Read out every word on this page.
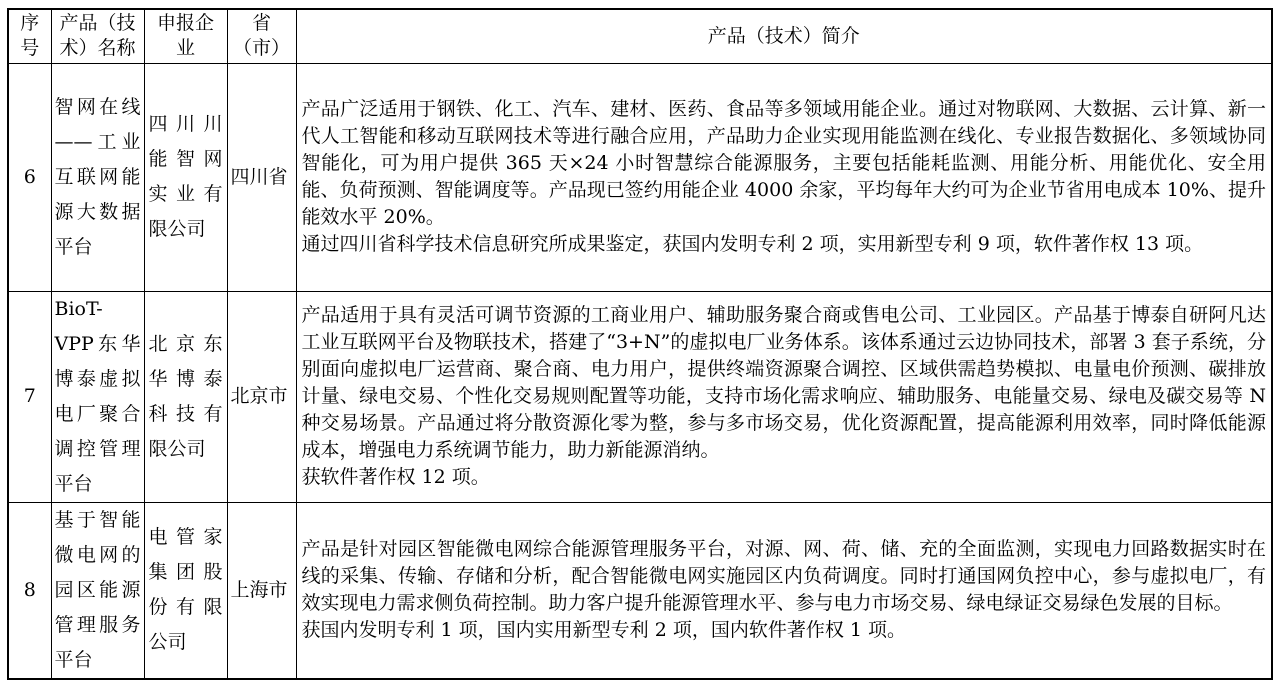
序号	产品（技术）名称	申报企业	省（市）	产品（技术）简介
6	智网在线——工业互联网能源大数据平台	四川川能智网实业有限公司	四川省	产品广泛适用于钢铁、化工、汽车、建材、医药、食品等多领域用能企业。通过对物联网、大数据、云计算、新一代人工智能和移动互联网技术等进行融合应用，产品助力企业实现用能监测在线化、专业报告数据化、多领域协同智能化，可为用户提供 365 天×24 小时智慧综合能源服务，主要包括能耗监测、用能分析、用能优化、安全用能、负荷预测、智能调度等。产品现已签约用能企业 4000 余家，平均每年大约可为企业节省用电成本 10%、提升能效水平 20%。

通过四川省科学技术信息研究所成果鉴定，获国内发明专利 2 项，实用新型专利 9 项，软件著作权 13 项。

7	BioT-VPP东华博泰虚拟电厂聚合调控管理平台	北京东华博泰科技有限公司	北京市	产品适用于具有灵活可调节资源的工商业用户、辅助服务聚合商或售电公司、工业园区。产品基于博泰自研阿凡达工业互联网平台及物联技术，搭建了“3+N”的虚拟电厂业务体系。该体系通过云边协同技术，部署 3 套子系统，分别面向虚拟电厂运营商、聚合商、电力用户，提供终端资源聚合调控、区域供需趋势模拟、电量电价预测、碳排放计量、绿电交易、个性化交易规则配置等功能，支持市场化需求响应、辅助服务、电能量交易、绿电及碳交易等 N 种交易场景。产品通过将分散资源化零为整，参与多市场交易，优化资源配置，提高能源利用效率，同时降低能源成本，增强电力系统调节能力，助力新能源消纳。

获软件著作权 12 项。

8	基于智能微电网的园区能源管理服务平台	电管家集团股份有限公司	上海市	产品是针对园区智能微电网综合能源管理服务平台，对源、网、荷、储、充的全面监测，实现电力回路数据实时在线的采集、传输、存储和分析，配合智能微电网实施园区内负荷调度。同时打通国网负控中心，参与虚拟电厂，有效实现电力需求侧负荷控制。助力客户提升能源管理水平、参与电力市场交易、绿电绿证交易绿色发展的目标。

获国内发明专利 1 项，国内实用新型专利 2 项，国内软件著作权 1 项。
